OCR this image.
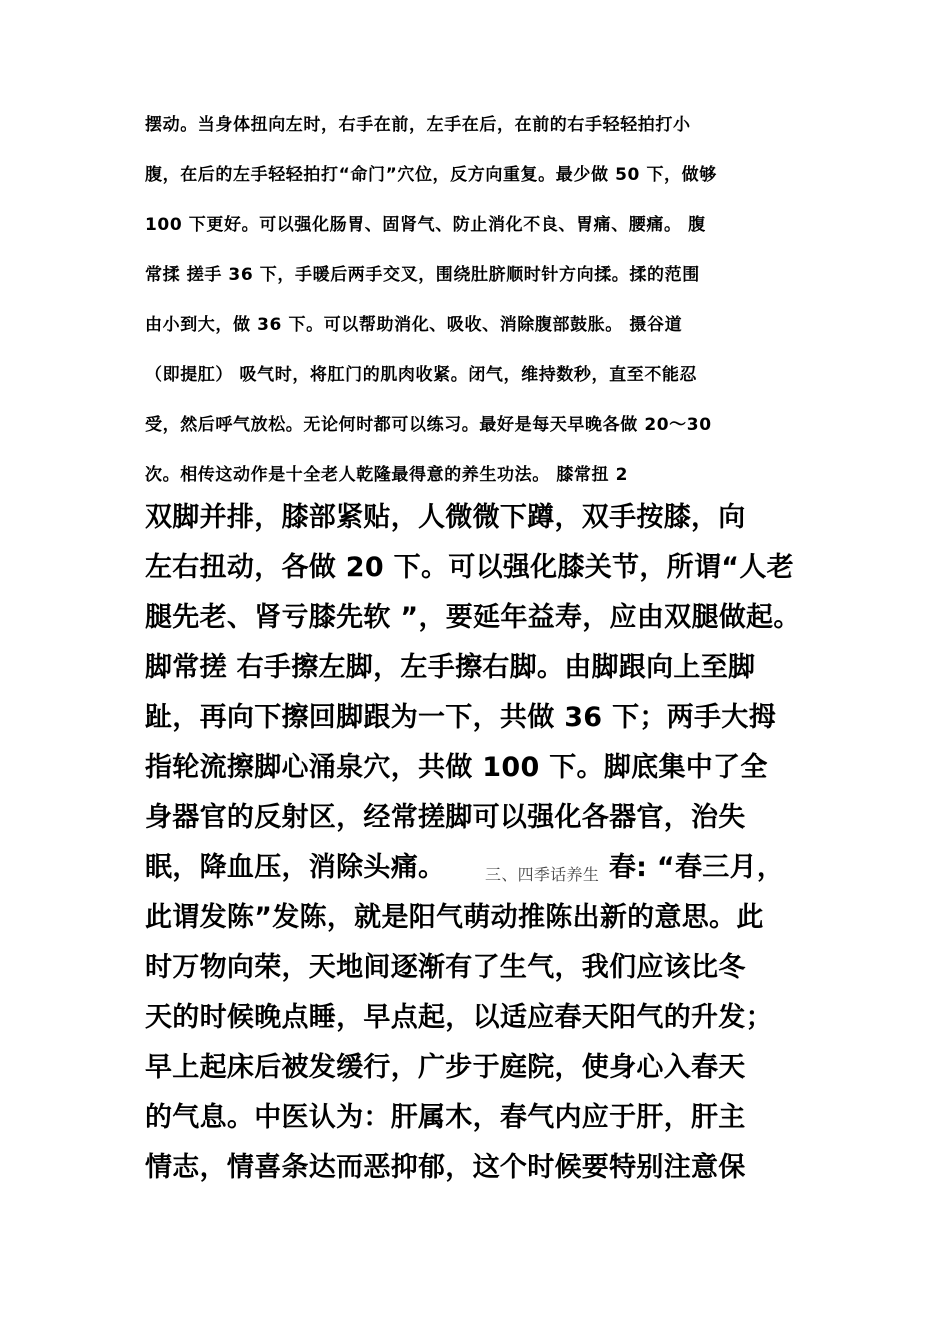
摆动。当身体扭向左时，右手在前，左手在后，在前的右手轻轻拍打小
腹，在后的左手轻轻拍打“命门”穴位，反方向重复。最少做 50 下，做够
100 下更好。可以强化肠胃、固肾气、防止消化不良、胃痛、腰痛。 腹
常揉 搓手 36 下，手暖后两手交叉，围绕肚脐顺时针方向揉。揉的范围
由小到大，做 36 下。可以帮助消化、吸收、消除腹部鼓胀。 摄谷道
（即提肛） 吸气时，将肛门的肌肉收紧。闭气，维持数秒，直至不能忍
受，然后呼气放松。无论何时都可以练习。最好是每天早晚各做 20～30
次。相传这动作是十全老人乾隆最得意的养生功法。 膝常扭 2
双脚并排，膝部紧贴，人微微下蹲，双手按膝，向
左右扭动，各做 20 下。可以强化膝关节，所谓“人老
腿先老、肾亏膝先软 ”，要延年益寿，应由双腿做起。
脚常搓 右手擦左脚，左手擦右脚。由脚跟向上至脚
趾，再向下擦回脚跟为一下，共做 36 下；两手大拇
指轮流擦脚心涌泉穴，共做 100 下。脚底集中了全
身器官的反射区，经常搓脚可以强化各器官，治失
眠，降血压，消除头痛。 三、四季话养生 春: “春三月，
此谓发陈”发陈，就是阳气萌动推陈出新的意思。此
时万物向荣，天地间逐渐有了生气，我们应该比冬
天的时候晚点睡，早点起，以适应春天阳气的升发；
早上起床后被发缓行，广步于庭院，使身心入春天
的气息。中医认为：肝属木，春气内应于肝，肝主
情志，情喜条达而恶抑郁，这个时候要特别注意保
